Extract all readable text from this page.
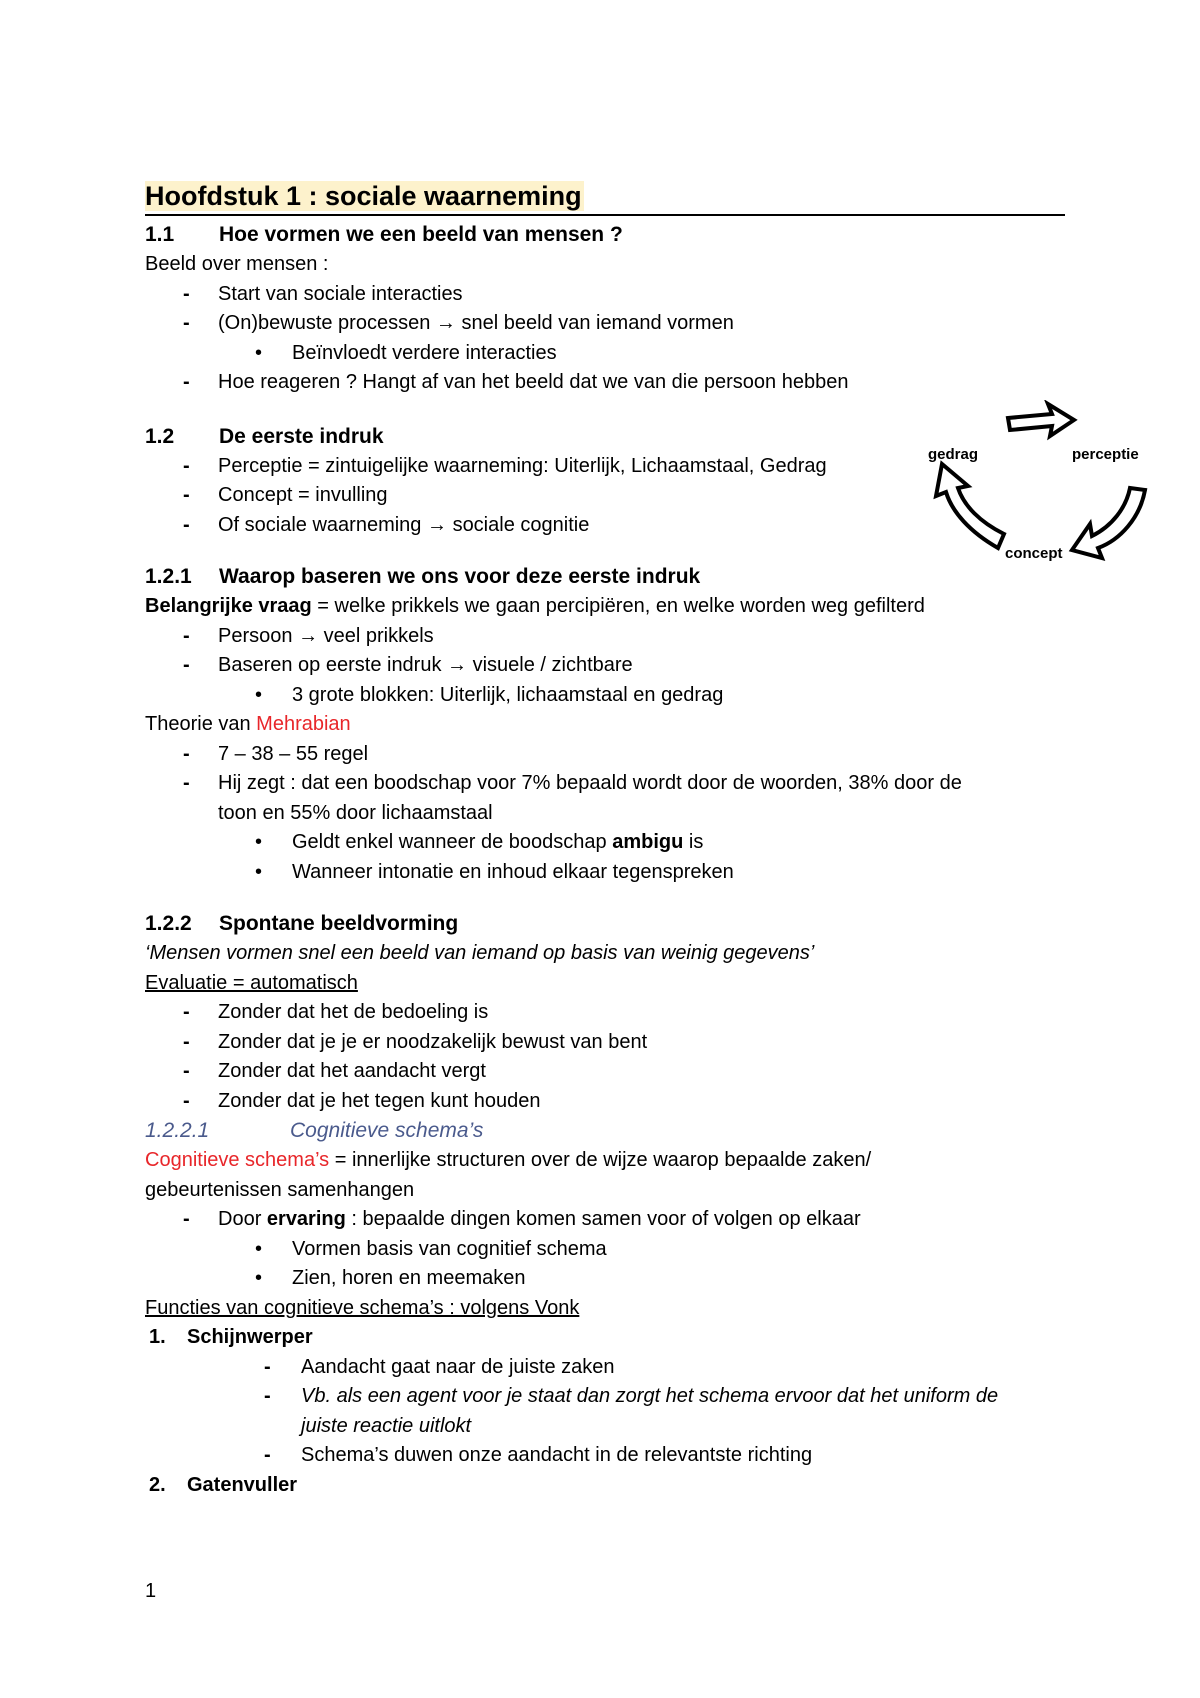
Hoofdstuk 1 : sociale waarneming
1.1 Hoe vormen we een beeld van mensen ?

Beeld over mensen :

- Start van sociale interacties
- (On)bewuste processen → snel beeld van iemand vormen
• Beïnvloedt verdere interacties
- Hoe reageren ? Hangt af van het beeld dat we van die persoon hebben
1.2 De eerste indruk
- Perceptie = zintuigelijke waarneming: Uiterlijk, Lichaamstaal, Gedrag
- Concept = invulling
- Of sociale waarneming → sociale cognitie
1.2.1 Waarop baseren we ons voor deze eerste indruk

Belangrijke vraag = welke prikkels we gaan percipiëren, en welke worden weg gefilterd

- Persoon → veel prikkels
- Baseren op eerste indruk → visuele / zichtbare
• 3 grote blokken: Uiterlijk, lichaamstaal en gedrag

Theorie van Mehrabian

- 7 – 38 – 55 regel
- Hij zegt : dat een boodschap voor 7% bepaald wordt door de woorden, 38% door de
toon en 55% door lichaamstaal
• Geldt enkel wanneer de boodschap ambigu is
• Wanneer intonatie en inhoud elkaar tegenspreken
1.2.2 Spontane beeldvorming

‘Mensen vormen snel een beeld van iemand op basis van weinig gegevens’

Evaluatie = automatisch

- Zonder dat het de bedoeling is
- Zonder dat je je er noodzakelijk bewust van bent
- Zonder dat het aandacht vergt
- Zonder dat je het tegen kunt houden
1.2.2.1	Cognitieve schema’s

Cognitieve schema’s = innerlijke structuren over de wijze waarop bepaalde zaken/

gebeurtenissen samenhangen

- Door ervaring : bepaalde dingen komen samen voor of volgen op elkaar
• Vormen basis van cognitief schema
• Zien, horen en meemaken

Functies van cognitieve schema’s : volgens Vonk

1. Schijnwerper
- Aandacht gaat naar de juiste zaken
- Vb. als een agent voor je staat dan zorgt het schema ervoor dat het uniform de
juiste reactie uitlokt
- Schema’s duwen onze aandacht in de relevantste richting
2. Gatenvuller
gedrag	perceptie
concept
1
